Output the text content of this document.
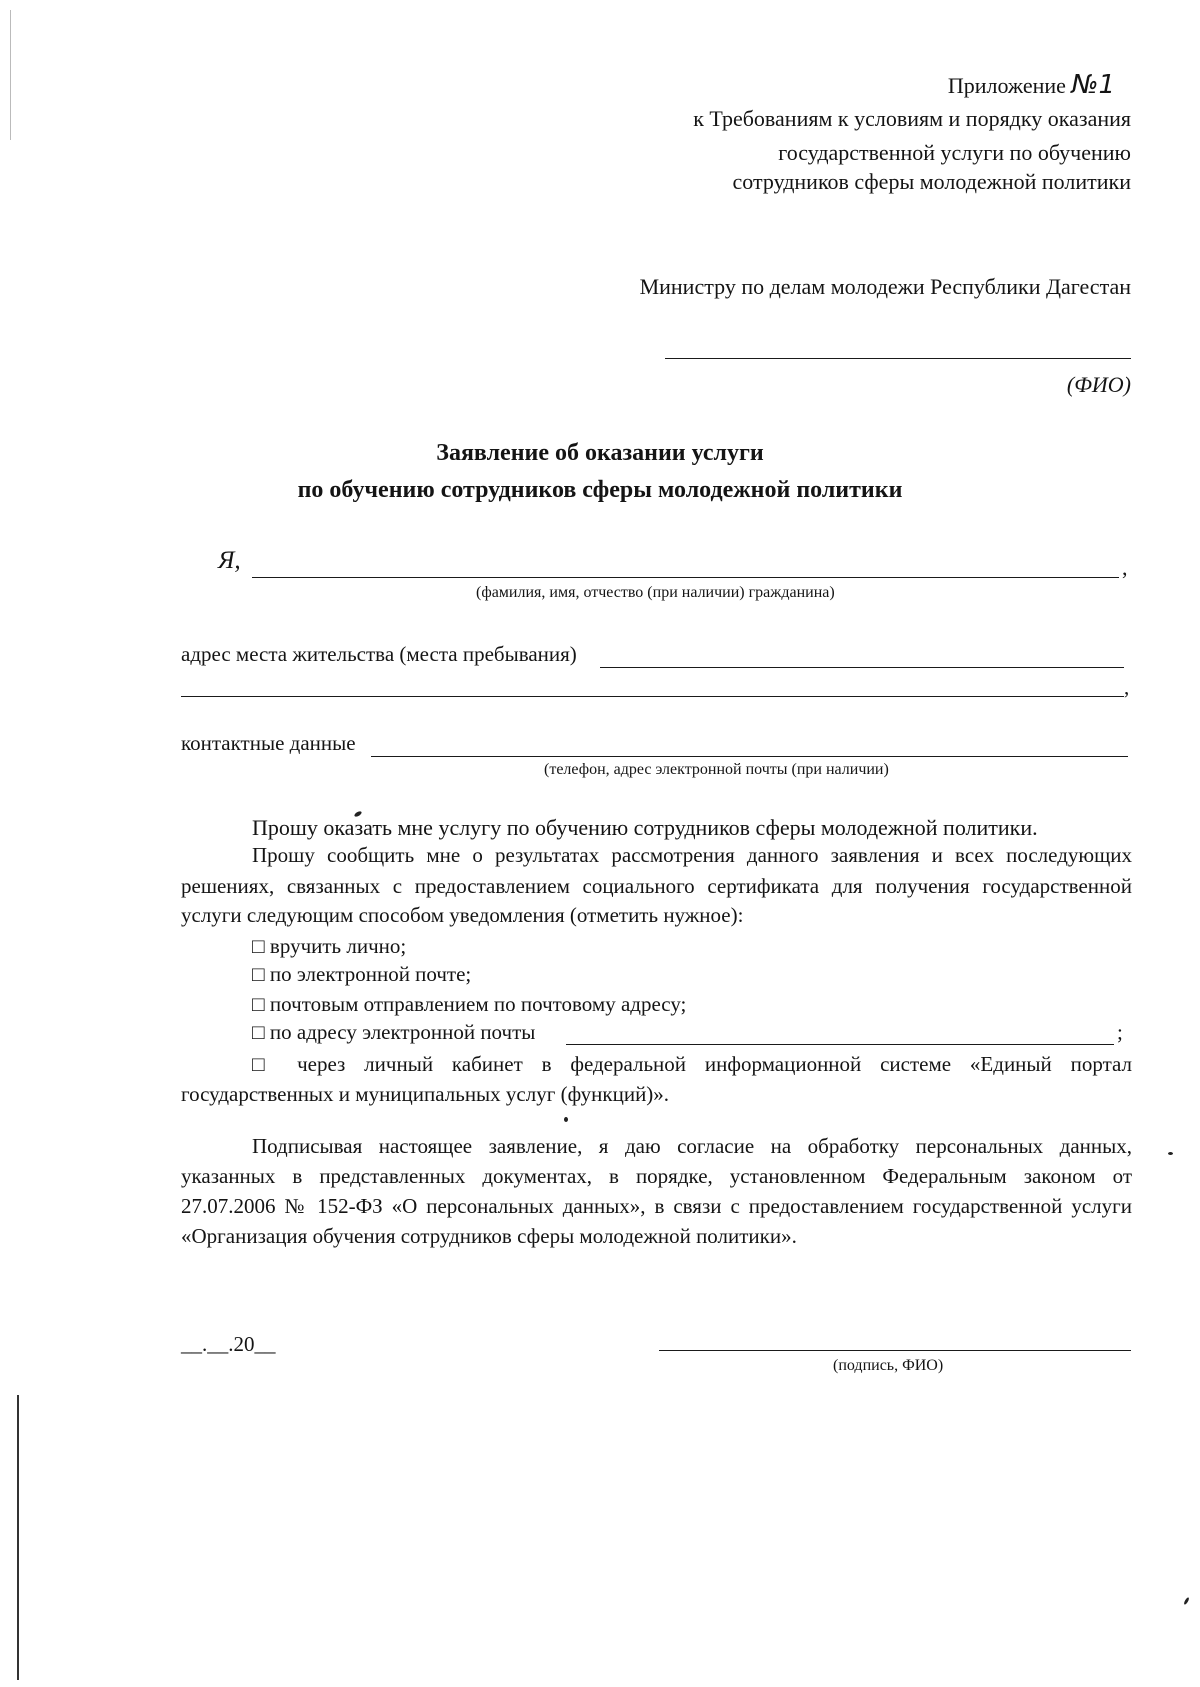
Приложение №1
к Требованиям к условиям и порядку оказания
государственной услуги по обучению
сотрудников сферы молодежной политики
Министру по делам молодежи Республики Дагестан
(ФИО)
Заявление об оказании услуги
по обучению сотрудников сферы молодежной политики
Я,	,
(фамилия, имя, отчество (при наличии) гражданина)
адрес места жительства (места пребывания)
,
контактные данные
(телефон, адрес электронной почты (при наличии)
Прошу оказать мне услугу по обучению сотрудников сферы молодежной политики.
Прошу сообщить мне о результатах рассмотрения данного заявления и всех последующих
решениях, связанных с предоставлением социального сертификата для получения государственной
услуги следующим способом уведомления (отметить нужное):
□ вручить лично;
□ по электронной почте;
□ почтовым отправлением по почтовому адресу;
□ по адресу электронной почты	;
□ через личный кабинет в федеральной информационной системе «Единый портал
государственных и муниципальных услуг (функций)».
Подписывая настоящее заявление, я даю согласие на обработку персональных данных,
указанных в представленных документах, в порядке, установленном Федеральным законом от
27.07.2006 № 152-ФЗ «О персональных данных», в связи с предоставлением государственной услуги
«Организация обучения сотрудников сферы молодежной политики».
__.__.20__
(подпись, ФИО)
